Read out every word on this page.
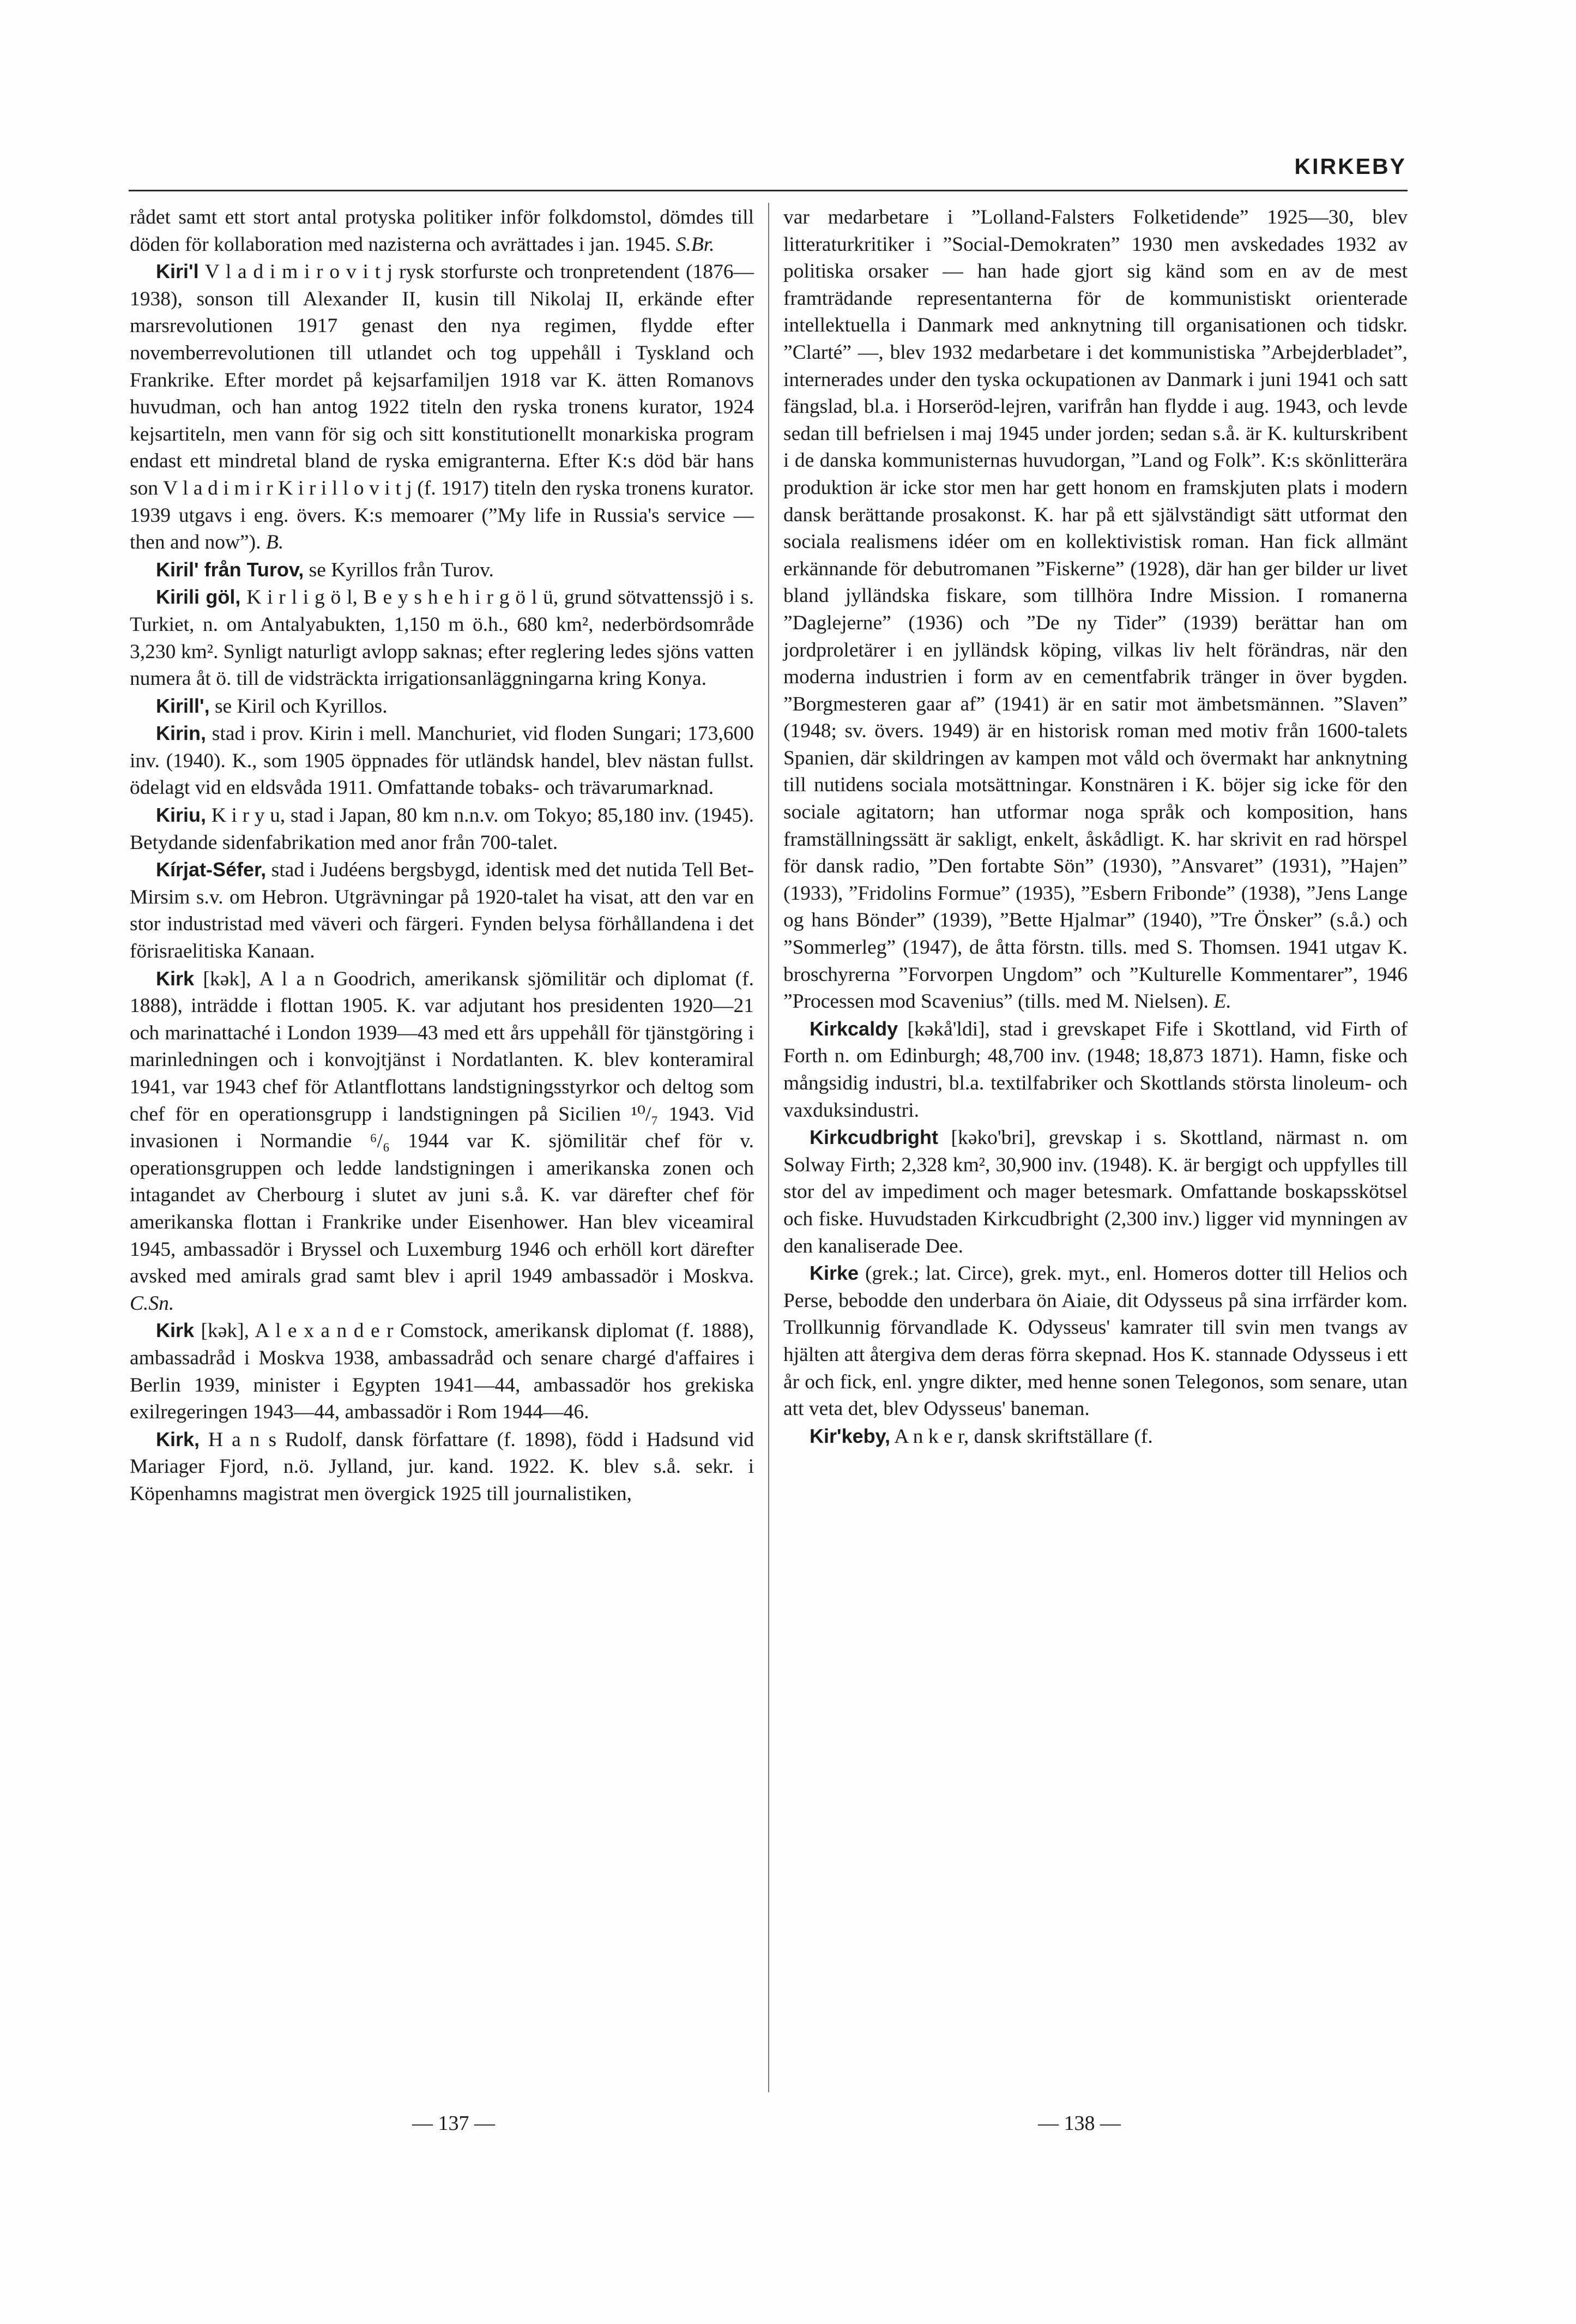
KIRKEBY

rådet samt ett stort antal protyska politiker inför folkdomstol, dömdes till döden för kollaboration med nazisterna och avrättades i jan. 1945. S.Br.

Kiri'l V l a d i m i r o v i t j rysk storfurste och tronpretendent (1876—1938), sonson till Alexander II, kusin till Nikolaj II, erkände efter marsrevolutionen 1917 genast den nya regimen, flydde efter novemberrevolutionen till utlandet och tog uppehåll i Tyskland och Frankrike. Efter mordet på kejsarfamiljen 1918 var K. ätten Romanovs huvudman, och han antog 1922 titeln den ryska tronens kurator, 1924 kejsartiteln, men vann för sig och sitt konstitutionellt monarkiska program endast ett mindretal bland de ryska emigranterna. Efter K:s död bär hans son V l a d i m i r K i r i l l o v i t j (f. 1917) titeln den ryska tronens kurator. 1939 utgavs i eng. övers. K:s memoarer (”My life in Russia's service — then and now”). B.

Kiril' från Turov, se Kyrillos från Turov.

Kirili göl, K i r l i g ö l, B e y s h e h i r g ö l ü, grund sötvattenssjö i s. Turkiet, n. om Antalyabukten, 1,150 m ö.h., 680 km², nederbördsområde 3,230 km². Synligt naturligt avlopp saknas; efter reglering ledes sjöns vatten numera åt ö. till de vidsträckta irrigationsanläggningarna kring Konya.

Kirill', se Kiril och Kyrillos.

Kirin, stad i prov. Kirin i mell. Manchuriet, vid floden Sungari; 173,600 inv. (1940). K., som 1905 öppnades för utländsk handel, blev nästan fullst. ödelagt vid en eldsvåda 1911. Omfattande tobaks- och trävarumarknad.

Kiriu, K i r y u, stad i Japan, 80 km n.n.v. om Tokyo; 85,180 inv. (1945). Betydande sidenfabrikation med anor från 700-talet.

Kírjat-Séfer, stad i Judéens bergsbygd, identisk med det nutida Tell Bet-Mirsim s.v. om Hebron. Utgrävningar på 1920-talet ha visat, att den var en stor industristad med väveri och färgeri. Fynden belysa förhållandena i det förisraelitiska Kanaan.

Kirk [kək], A l a n Goodrich, amerikansk sjömilitär och diplomat (f. 1888), inträdde i flottan 1905. K. var adjutant hos presidenten 1920—21 och marinattaché i London 1939—43 med ett års uppehåll för tjänstgöring i marinledningen och i konvojtjänst i Nordatlanten. K. blev konteramiral 1941, var 1943 chef för Atlantflottans landstigningsstyrkor och deltog som chef för en operationsgrupp i landstigningen på Sicilien ¹⁰/₇ 1943. Vid invasionen i Normandie ⁶/₆ 1944 var K. sjömilitär chef för v. operationsgruppen och ledde landstigningen i amerikanska zonen och intagandet av Cherbourg i slutet av juni s.å. K. var därefter chef för amerikanska flottan i Frankrike under Eisenhower. Han blev viceamiral 1945, ambassadör i Bryssel och Luxemburg 1946 och erhöll kort därefter avsked med amirals grad samt blev i april 1949 ambassadör i Moskva. C.Sn.

Kirk [kək], A l e x a n d e r Comstock, amerikansk diplomat (f. 1888), ambassadråd i Moskva 1938, ambassadråd och senare chargé d'affaires i Berlin 1939, minister i Egypten 1941—44, ambassadör hos grekiska exilregeringen 1943—44, ambassadör i Rom 1944—46.

Kirk, H a n s Rudolf, dansk författare (f. 1898), född i Hadsund vid Mariager Fjord, n.ö. Jylland, jur. kand. 1922. K. blev s.å. sekr. i Köpenhamns magistrat men övergick 1925 till journalistiken,

var medarbetare i ”Lolland-Falsters Folketidende” 1925—30, blev litteraturkritiker i ”Social-Demokraten” 1930 men avskedades 1932 av politiska orsaker — han hade gjort sig känd som en av de mest framträdande representanterna för de kommunistiskt orienterade intellektuella i Danmark med anknytning till organisationen och tidskr. ”Clarté” —, blev 1932 medarbetare i det kommunistiska ”Arbejderbladet”, internerades under den tyska ockupationen av Danmark i juni 1941 och satt fängslad, bl.a. i Horseröd-lejren, varifrån han flydde i aug. 1943, och levde sedan till befrielsen i maj 1945 under jorden; sedan s.å. är K. kulturskribent i de danska kommunisternas huvudorgan, ”Land og Folk”. K:s skönlitterära produktion är icke stor men har gett honom en framskjuten plats i modern dansk berättande prosakonst. K. har på ett självständigt sätt utformat den sociala realismens idéer om en kollektivistisk roman. Han fick allmänt erkännande för debutromanen ”Fiskerne” (1928), där han ger bilder ur livet bland jylländska fiskare, som tillhöra Indre Mission. I romanerna ”Daglejerne” (1936) och ”De ny Tider” (1939) berättar han om jordproletärer i en jylländsk köping, vilkas liv helt förändras, när den moderna industrien i form av en cementfabrik tränger in över bygden. ”Borgmesteren gaar af” (1941) är en satir mot ämbetsmännen. ”Slaven” (1948; sv. övers. 1949) är en historisk roman med motiv från 1600-talets Spanien, där skildringen av kampen mot våld och övermakt har anknytning till nutidens sociala motsättningar. Konstnären i K. böjer sig icke för den sociale agitatorn; han utformar noga språk och komposition, hans framställningssätt är sakligt, enkelt, åskådligt. K. har skrivit en rad hörspel för dansk radio, ”Den fortabte Sön” (1930), ”Ansvaret” (1931), ”Hajen” (1933), ”Fridolins Formue” (1935), ”Esbern Fribonde” (1938), ”Jens Lange og hans Bönder” (1939), ”Bette Hjalmar” (1940), ”Tre Önsker” (s.å.) och ”Sommerleg” (1947), de åtta förstn. tills. med S. Thomsen. 1941 utgav K. broschyrerna ”Forvorpen Ungdom” och ”Kulturelle Kommentarer”, 1946 ”Processen mod Scavenius” (tills. med M. Nielsen). E.

Kirkcaldy [kəkå'ldi], stad i grevskapet Fife i Skottland, vid Firth of Forth n. om Edinburgh; 48,700 inv. (1948; 18,873 1871). Hamn, fiske och mångsidig industri, bl.a. textilfabriker och Skottlands största linoleum- och vaxduksindustri.

Kirkcudbright [kəko'bri], grevskap i s. Skottland, närmast n. om Solway Firth; 2,328 km², 30,900 inv. (1948). K. är bergigt och uppfylles till stor del av impediment och mager betesmark. Omfattande boskapsskötsel och fiske. Huvudstaden Kirkcudbright (2,300 inv.) ligger vid mynningen av den kanaliserade Dee.

Kirke (grek.; lat. Circe), grek. myt., enl. Homeros dotter till Helios och Perse, bebodde den underbara ön Aiaie, dit Odysseus på sina irrfärder kom. Trollkunnig förvandlade K. Odysseus' kamrater till svin men tvangs av hjälten att återgiva dem deras förra skepnad. Hos K. stannade Odysseus i ett år och fick, enl. yngre dikter, med henne sonen Telegonos, som senare, utan att veta det, blev Odysseus' baneman.

Kir'keby, A n k e r, dansk skriftställare (f.

— 137 —	— 138 —
